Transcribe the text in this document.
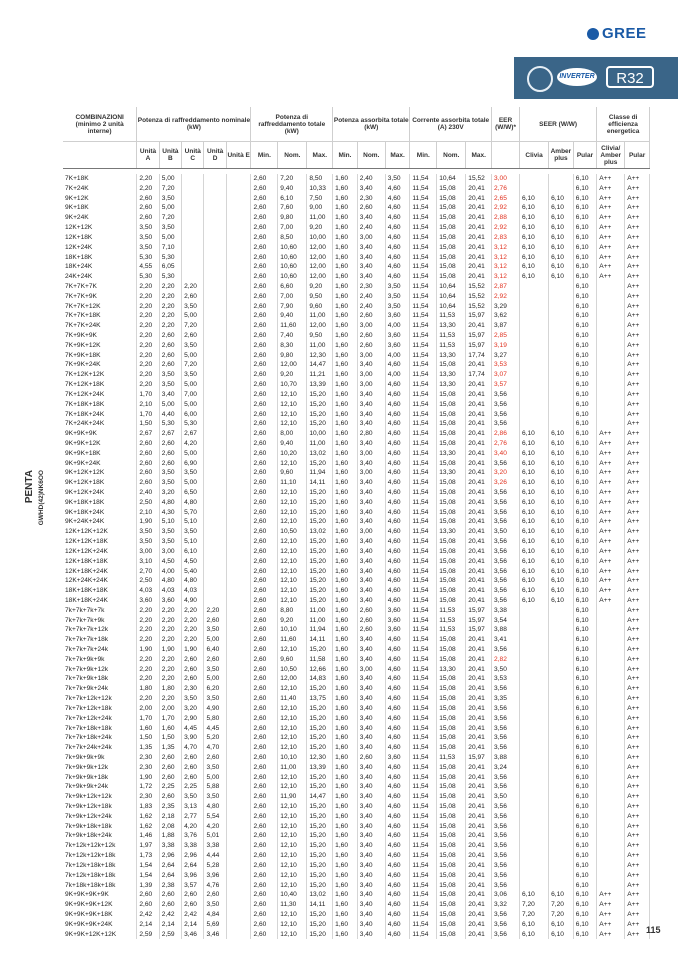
GREE
INVERTER	R32
PENTA GWHD(42)NK6OO
COMBINAZIONI (minimo 2 unità interne)	Potenza di raffreddamento nominale (kW)					Potenza di raffreddamento totale (kW)			Potenza assorbita totale (kW)			Corrente assorbita totale (A) 230V			EER (W/W)*	SEER (W/W)			Classe di efficienza energetica	
	Unità A	Unità B	Unità C	Unità D	Unità E	Min.	Nom.	Max.	Min.	Nom.	Max.	Min.	Nom.	Max.		Clivia	Amber plus	Pular	Clivia/ Amber plus	Pular

7K+18K	2,20	5,00				2,60	7,20	8,50	1,60	2,40	3,50	11,54	10,64	15,52	3,00			6,10	A++	A++
7K+24K	2,20	7,20				2,60	9,40	10,33	1,60	3,40	4,60	11,54	15,08	20,41	2,76			6,10	A++	A++
9K+12K	2,60	3,50				2,60	6,10	7,50	1,60	2,30	4,60	11,54	15,08	20,41	2,65	6,10	6,10	6,10	A++	A++
9K+18K	2,60	5,00				2,60	7,60	9,00	1,60	2,60	4,60	11,54	15,08	20,41	2,92	6,10	6,10	6,10	A++	A++
9K+24K	2,60	7,20				2,60	9,80	11,00	1,60	3,40	4,60	11,54	15,08	20,41	2,88	6,10	6,10	6,10	A++	A++
12K+12K	3,50	3,50				2,60	7,00	9,20	1,60	2,40	4,60	11,54	15,08	20,41	2,92	6,10	6,10	6,10	A++	A++
12K+18K	3,50	5,00				2,60	8,50	10,00	1,60	3,00	4,60	11,54	15,08	20,41	2,83	6,10	6,10	6,10	A++	A++
12K+24K	3,50	7,10				2,60	10,60	12,00	1,60	3,40	4,60	11,54	15,08	20,41	3,12	6,10	6,10	6,10	A++	A++
18K+18K	5,30	5,30				2,60	10,60	12,00	1,60	3,40	4,60	11,54	15,08	20,41	3,12	6,10	6,10	6,10	A++	A++
18K+24K	4,55	6,05				2,60	10,60	12,00	1,60	3,40	4,60	11,54	15,08	20,41	3,12	6,10	6,10	6,10	A++	A++
24K+24K	5,30	5,30				2,60	10,60	12,00	1,60	3,40	4,60	11,54	15,08	20,41	3,12	6,10	6,10	6,10	A++	A++
7K+7K+7K	2,20	2,20	2,20			2,60	6,60	9,20	1,60	2,30	3,50	11,54	10,64	15,52	2,87			6,10		A++
7K+7K+9K	2,20	2,20	2,60			2,60	7,00	9,50	1,60	2,40	3,50	11,54	10,64	15,52	2,92			6,10		A++
7K+7K+12K	2,20	2,20	3,50			2,60	7,90	9,60	1,60	2,40	3,50	11,54	10,64	15,52	3,29			6,10		A++
7K+7K+18K	2,20	2,20	5,00			2,60	9,40	11,00	1,60	2,60	3,60	11,54	11,53	15,97	3,62			6,10		A++
7K+7K+24K	2,20	2,20	7,20			2,60	11,60	12,00	1,60	3,00	4,00	11,54	13,30	20,41	3,87			6,10		A++
7K+9K+9K	2,20	2,60	2,60			2,60	7,40	9,50	1,60	2,60	3,60	11,54	11,53	15,97	2,85			6,10		A++
7K+9K+12K	2,20	2,60	3,50			2,60	8,30	11,00	1,60	2,60	3,60	11,54	11,53	15,97	3,19			6,10		A++
7K+9K+18K	2,20	2,60	5,00			2,60	9,80	12,30	1,60	3,00	4,00	11,54	13,30	17,74	3,27			6,10		A++
7K+9K+24K	2,20	2,60	7,20			2,60	12,00	14,47	1,60	3,40	4,60	11,54	15,08	20,41	3,53			6,10		A++
7K+12K+12K	2,20	3,50	3,50			2,60	9,20	11,21	1,60	3,00	4,00	11,54	13,30	17,74	3,07			6,10		A++
7K+12K+18K	2,20	3,50	5,00			2,60	10,70	13,39	1,60	3,00	4,60	11,54	13,30	20,41	3,57			6,10		A++
7K+12K+24K	1,70	3,40	7,00			2,60	12,10	15,20	1,60	3,40	4,60	11,54	15,08	20,41	3,56			6,10		A++
7K+18K+18K	2,10	5,00	5,00			2,60	12,10	15,20	1,60	3,40	4,60	11,54	15,08	20,41	3,56			6,10		A++
7K+18K+24K	1,70	4,40	6,00			2,60	12,10	15,20	1,60	3,40	4,60	11,54	15,08	20,41	3,56			6,10		A++
7K+24K+24K	1,50	5,30	5,30			2,60	12,10	15,20	1,60	3,40	4,60	11,54	15,08	20,41	3,56			6,10		A++
9K+9K+9K	2,67	2,67	2,67			2,60	8,00	10,00	1,60	2,80	4,60	11,54	15,08	20,41	2,86	6,10	6,10	6,10	A++	A++
9K+9K+12K	2,60	2,60	4,20			2,60	9,40	11,00	1,60	3,40	4,60	11,54	15,08	20,41	2,76	6,10	6,10	6,10	A++	A++
9K+9K+18K	2,60	2,60	5,00			2,60	10,20	13,02	1,60	3,00	4,60	11,54	13,30	20,41	3,40	6,10	6,10	6,10	A++	A++
9K+9K+24K	2,60	2,60	6,90			2,60	12,10	15,20	1,60	3,40	4,60	11,54	15,08	20,41	3,56	6,10	6,10	6,10	A++	A++
9K+12K+12K	2,60	3,50	3,50			2,60	9,60	11,94	1,60	3,00	4,60	11,54	13,30	20,41	3,20	6,10	6,10	6,10	A++	A++
9K+12K+18K	2,60	3,50	5,00			2,60	11,10	14,11	1,60	3,40	4,60	11,54	15,08	20,41	3,26	6,10	6,10	6,10	A++	A++
9K+12K+24K	2,40	3,20	6,50			2,60	12,10	15,20	1,60	3,40	4,60	11,54	15,08	20,41	3,56	6,10	6,10	6,10	A++	A++
9K+18K+18K	2,50	4,80	4,80			2,60	12,10	15,20	1,60	3,40	4,60	11,54	15,08	20,41	3,56	6,10	6,10	6,10	A++	A++
9K+18K+24K	2,10	4,30	5,70			2,60	12,10	15,20	1,60	3,40	4,60	11,54	15,08	20,41	3,56	6,10	6,10	6,10	A++	A++
9K+24K+24K	1,90	5,10	5,10			2,60	12,10	15,20	1,60	3,40	4,60	11,54	15,08	20,41	3,56	6,10	6,10	6,10	A++	A++
12K+12K+12K	3,50	3,50	3,50			2,60	10,50	13,02	1,60	3,00	4,60	11,54	13,30	20,41	3,50	6,10	6,10	6,10	A++	A++
12K+12K+18K	3,50	3,50	5,10			2,60	12,10	15,20	1,60	3,40	4,60	11,54	15,08	20,41	3,56	6,10	6,10	6,10	A++	A++
12K+12K+24K	3,00	3,00	6,10			2,60	12,10	15,20	1,60	3,40	4,60	11,54	15,08	20,41	3,56	6,10	6,10	6,10	A++	A++
12K+18K+18K	3,10	4,50	4,50			2,60	12,10	15,20	1,60	3,40	4,60	11,54	15,08	20,41	3,56	6,10	6,10	6,10	A++	A++
12K+18K+24K	2,70	4,00	5,40			2,60	12,10	15,20	1,60	3,40	4,60	11,54	15,08	20,41	3,56	6,10	6,10	6,10	A++	A++
12K+24K+24K	2,50	4,80	4,80			2,60	12,10	15,20	1,60	3,40	4,60	11,54	15,08	20,41	3,56	6,10	6,10	6,10	A++	A++
18K+18K+18K	4,03	4,03	4,03			2,60	12,10	15,20	1,60	3,40	4,60	11,54	15,08	20,41	3,56	6,10	6,10	6,10	A++	A++
18K+18K+24K	3,60	3,60	4,90			2,60	12,10	15,20	1,60	3,40	4,60	11,54	15,08	20,41	3,56	6,10	6,10	6,10	A++	A++
7k+7k+7k+7k	2,20	2,20	2,20	2,20		2,60	8,80	11,00	1,60	2,60	3,60	11,54	11,53	15,97	3,38			6,10		A++
7k+7k+7k+9k	2,20	2,20	2,20	2,60		2,60	9,20	11,00	1,60	2,60	3,60	11,54	11,53	15,97	3,54			6,10		A++
7k+7k+7k+12k	2,20	2,20	2,20	3,50		2,60	10,10	11,94	1,60	2,60	3,60	11,54	11,53	15,97	3,88			6,10		A++
7k+7k+7k+18k	2,20	2,20	2,20	5,00		2,60	11,60	14,11	1,60	3,40	4,60	11,54	15,08	20,41	3,41			6,10		A++
7k+7k+7k+24k	1,90	1,90	1,90	6,40		2,60	12,10	15,20	1,60	3,40	4,60	11,54	15,08	20,41	3,56			6,10		A++
7k+7k+9k+9k	2,20	2,20	2,60	2,60		2,60	9,60	11,58	1,60	3,40	4,60	11,54	15,08	20,41	2,82			6,10		A++
7k+7k+9k+12k	2,20	2,20	2,60	3,50		2,60	10,50	12,66	1,60	3,00	4,60	11,54	13,30	20,41	3,50			6,10		A++
7k+7k+9k+18k	2,20	2,20	2,60	5,00		2,60	12,00	14,83	1,60	3,40	4,60	11,54	15,08	20,41	3,53			6,10		A++
7k+7k+9k+24k	1,80	1,80	2,30	6,20		2,60	12,10	15,20	1,60	3,40	4,60	11,54	15,08	20,41	3,56			6,10		A++
7k+7k+12k+12k	2,20	2,20	3,50	3,50		2,60	11,40	13,75	1,60	3,40	4,60	11,54	15,08	20,41	3,35			6,10		A++
7k+7k+12k+18k	2,00	2,00	3,20	4,90		2,60	12,10	15,20	1,60	3,40	4,60	11,54	15,08	20,41	3,56			6,10		A++
7k+7k+12k+24k	1,70	1,70	2,90	5,80		2,60	12,10	15,20	1,60	3,40	4,60	11,54	15,08	20,41	3,56			6,10		A++
7k+7k+18k+18k	1,60	1,60	4,45	4,45		2,60	12,10	15,20	1,60	3,40	4,60	11,54	15,08	20,41	3,56			6,10		A++
7k+7k+18k+24k	1,50	1,50	3,90	5,20		2,60	12,10	15,20	1,60	3,40	4,60	11,54	15,08	20,41	3,56			6,10		A++
7k+7k+24k+24k	1,35	1,35	4,70	4,70		2,60	12,10	15,20	1,60	3,40	4,60	11,54	15,08	20,41	3,56			6,10		A++
7k+9k+9k+9k	2,30	2,60	2,60	2,60		2,60	10,10	12,30	1,60	2,60	3,60	11,54	11,53	15,97	3,88			6,10		A++
7k+9k+9k+12k	2,30	2,60	2,60	3,50		2,60	11,00	13,39	1,60	3,40	4,60	11,54	15,08	20,41	3,24			6,10		A++
7k+9k+9k+18k	1,90	2,60	2,60	5,00		2,60	12,10	15,20	1,60	3,40	4,60	11,54	15,08	20,41	3,56			6,10		A++
7k+9k+9k+24k	1,72	2,25	2,25	5,88		2,60	12,10	15,20	1,60	3,40	4,60	11,54	15,08	20,41	3,56			6,10		A++
7k+9k+12k+12k	2,30	2,60	3,50	3,50		2,60	11,90	14,47	1,60	3,40	4,60	11,54	15,08	20,41	3,50			6,10		A++
7k+9k+12k+18k	1,83	2,35	3,13	4,80		2,60	12,10	15,20	1,60	3,40	4,60	11,54	15,08	20,41	3,56			6,10		A++
7k+9k+12k+24k	1,62	2,18	2,77	5,54		2,60	12,10	15,20	1,60	3,40	4,60	11,54	15,08	20,41	3,56			6,10		A++
7k+9k+18k+18k	1,62	2,08	4,20	4,20		2,60	12,10	15,20	1,60	3,40	4,60	11,54	15,08	20,41	3,56			6,10		A++
7k+9k+18k+24k	1,46	1,88	3,76	5,01		2,60	12,10	15,20	1,60	3,40	4,60	11,54	15,08	20,41	3,56			6,10		A++
7k+12k+12k+12k	1,97	3,38	3,38	3,38		2,60	12,10	15,20	1,60	3,40	4,60	11,54	15,08	20,41	3,56			6,10		A++
7k+12k+12k+18k	1,73	2,96	2,96	4,44		2,60	12,10	15,20	1,60	3,40	4,60	11,54	15,08	20,41	3,56			6,10		A++
7k+12k+18k+18k	1,54	2,64	2,64	5,28		2,60	12,10	15,20	1,60	3,40	4,60	11,54	15,08	20,41	3,56			6,10		A++
7k+12k+18k+18k	1,54	2,64	3,96	3,96		2,60	12,10	15,20	1,60	3,40	4,60	11,54	15,08	20,41	3,56			6,10		A++
7k+18k+18k+18k	1,39	2,38	3,57	4,76		2,60	12,10	15,20	1,60	3,40	4,60	11,54	15,08	20,41	3,56			6,10		A++
9K+9K+9K+9K	2,60	2,60	2,60	2,60		2,60	10,40	13,02	1,60	3,40	4,60	11,54	15,08	20,41	3,06	6,10	6,10	6,10	A++	A++
9K+9K+9K+12K	2,60	2,60	2,60	3,50		2,60	11,30	14,11	1,60	3,40	4,60	11,54	15,08	20,41	3,32	7,20	7,20	6,10	A++	A++
9K+9K+9K+18K	2,42	2,42	2,42	4,84		2,60	12,10	15,20	1,60	3,40	4,60	11,54	15,08	20,41	3,56	7,20	7,20	6,10	A++	A++
9K+9K+9K+24K	2,14	2,14	2,14	5,69		2,60	12,10	15,20	1,60	3,40	4,60	11,54	15,08	20,41	3,56	6,10	6,10	6,10	A++	A++
9K+9K+12K+12K	2,59	2,59	3,46	3,46		2,60	12,10	15,20	1,60	3,40	4,60	11,54	15,08	20,41	3,56	6,10	6,10	6,10	A++	A++ 115
